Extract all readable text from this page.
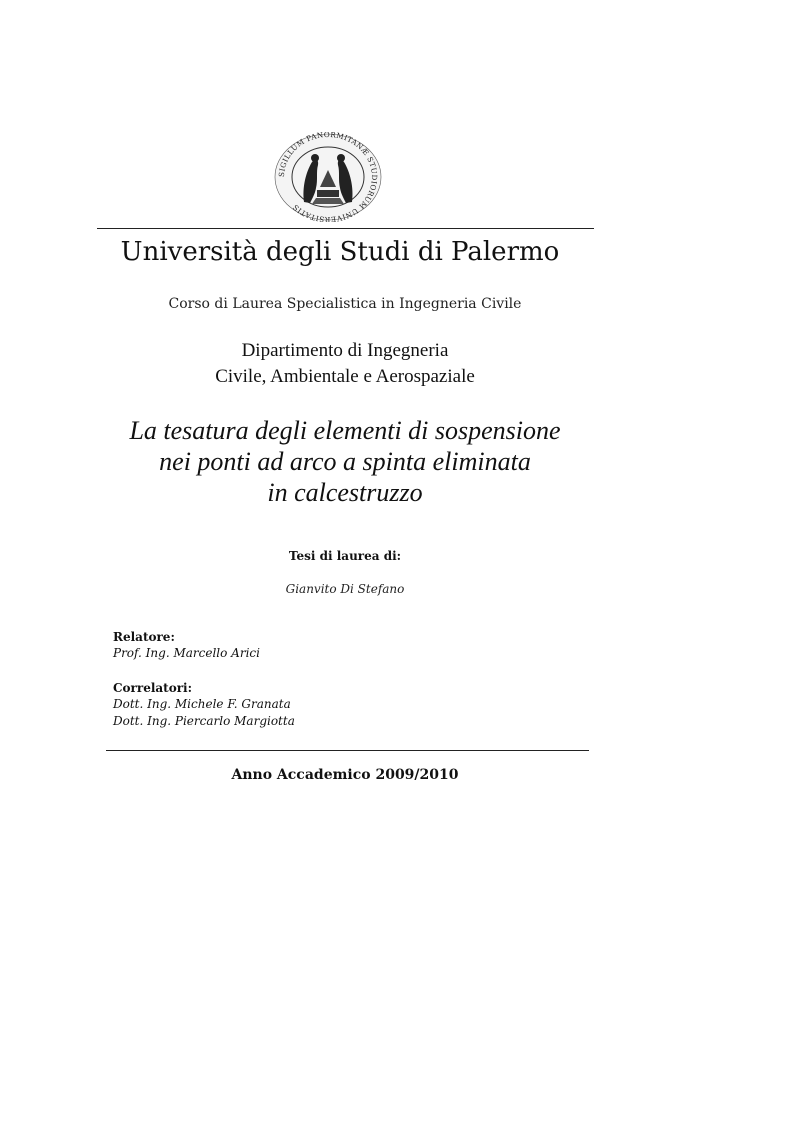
SIGILLUM PANORMITANÆ STUDIORUM UNIVERSITATIS
Università degli Studi di Palermo
Corso di Laurea Specialistica in Ingegneria Civile
Dipartimento di Ingegneria
Civile, Ambientale e Aerospaziale
La tesatura degli elementi di sospensione
nei ponti ad arco a spinta eliminata
in calcestruzzo
Tesi di laurea di:
Gianvito Di Stefano
Relatore:
Prof. Ing. Marcello Arici
Correlatori:
Dott. Ing. Michele F. Granata
Dott. Ing. Piercarlo Margiotta
Anno Accademico 2009/2010
